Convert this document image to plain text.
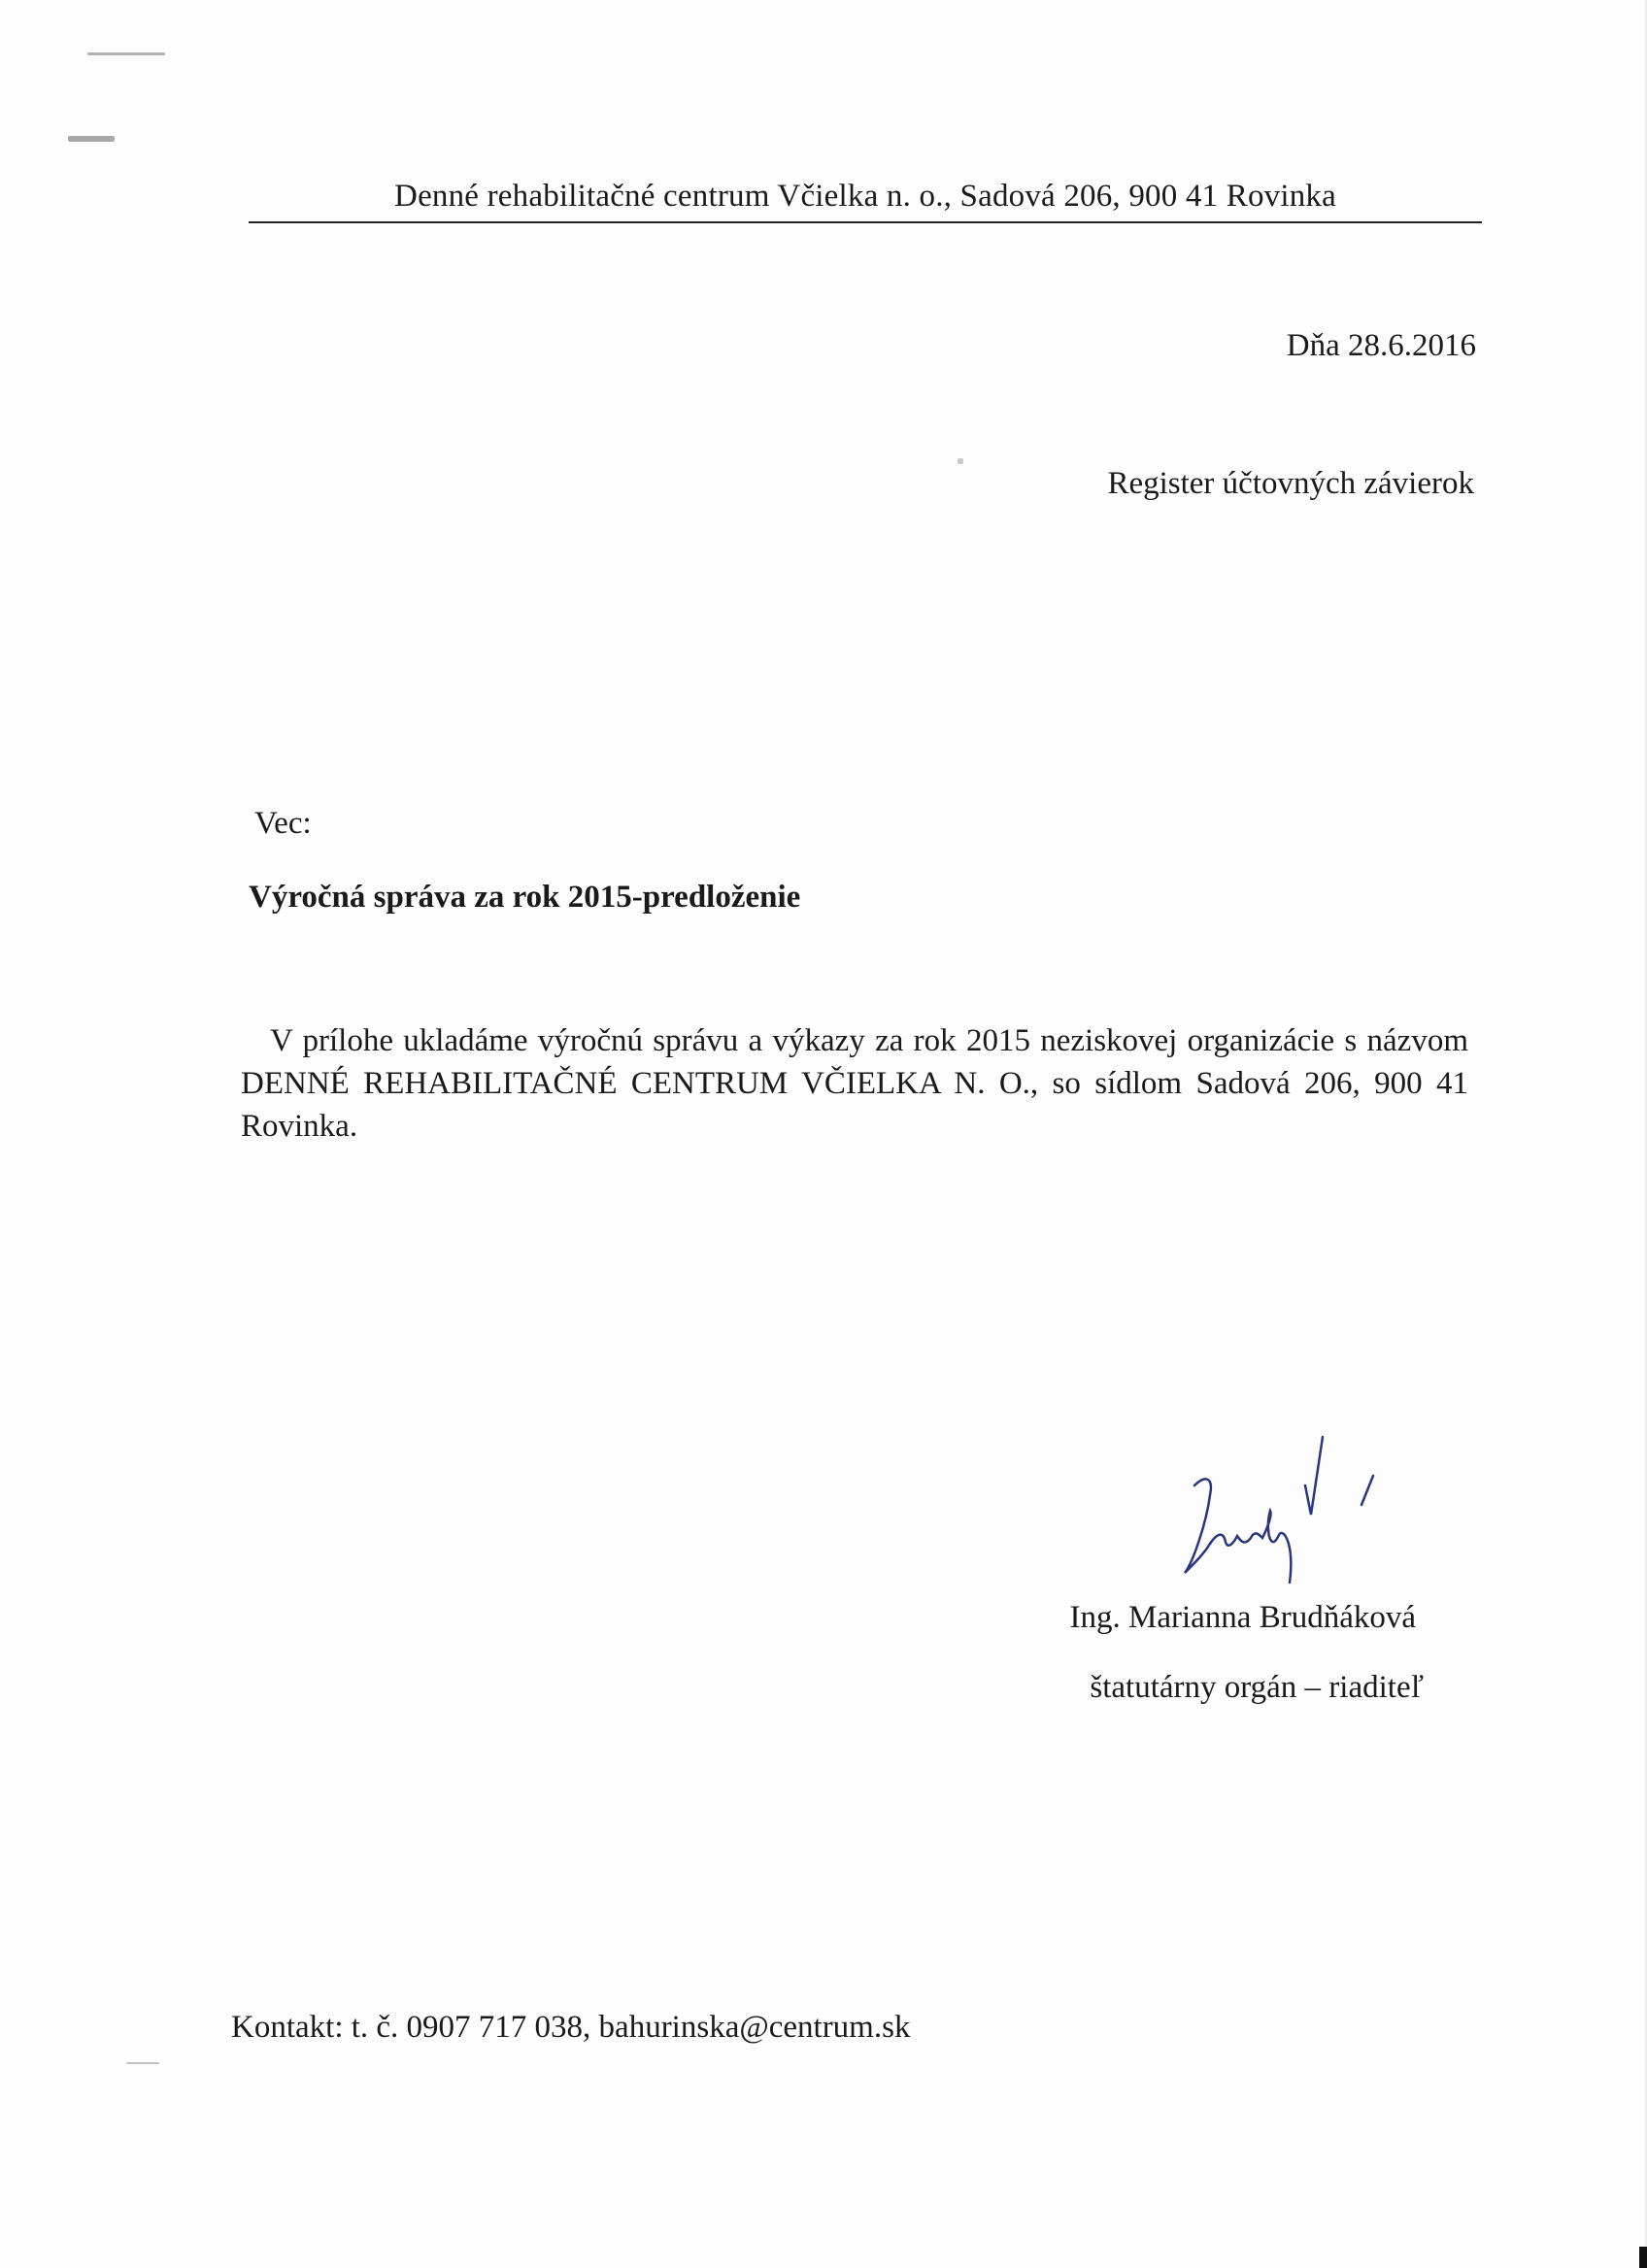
Denné rehabilitačné centrum Včielka n. o., Sadová 206, 900 41 Rovinka
Dňa 28.6.2016
Register účtovných závierok
Vec:
Výročná správa za rok 2015-predloženie
V prílohe ukladáme výročnú správu a výkazy za rok 2015 neziskovej organizácie s názvom DENNÉ REHABILITAČNÉ CENTRUM VČIELKA N. O., so sídlom Sadová 206, 900 41 Rovinka.
Ing. Marianna Brudňáková
štatutárny orgán – riaditeľ
Kontakt: t. č. 0907 717 038, bahurinska@centrum.sk
